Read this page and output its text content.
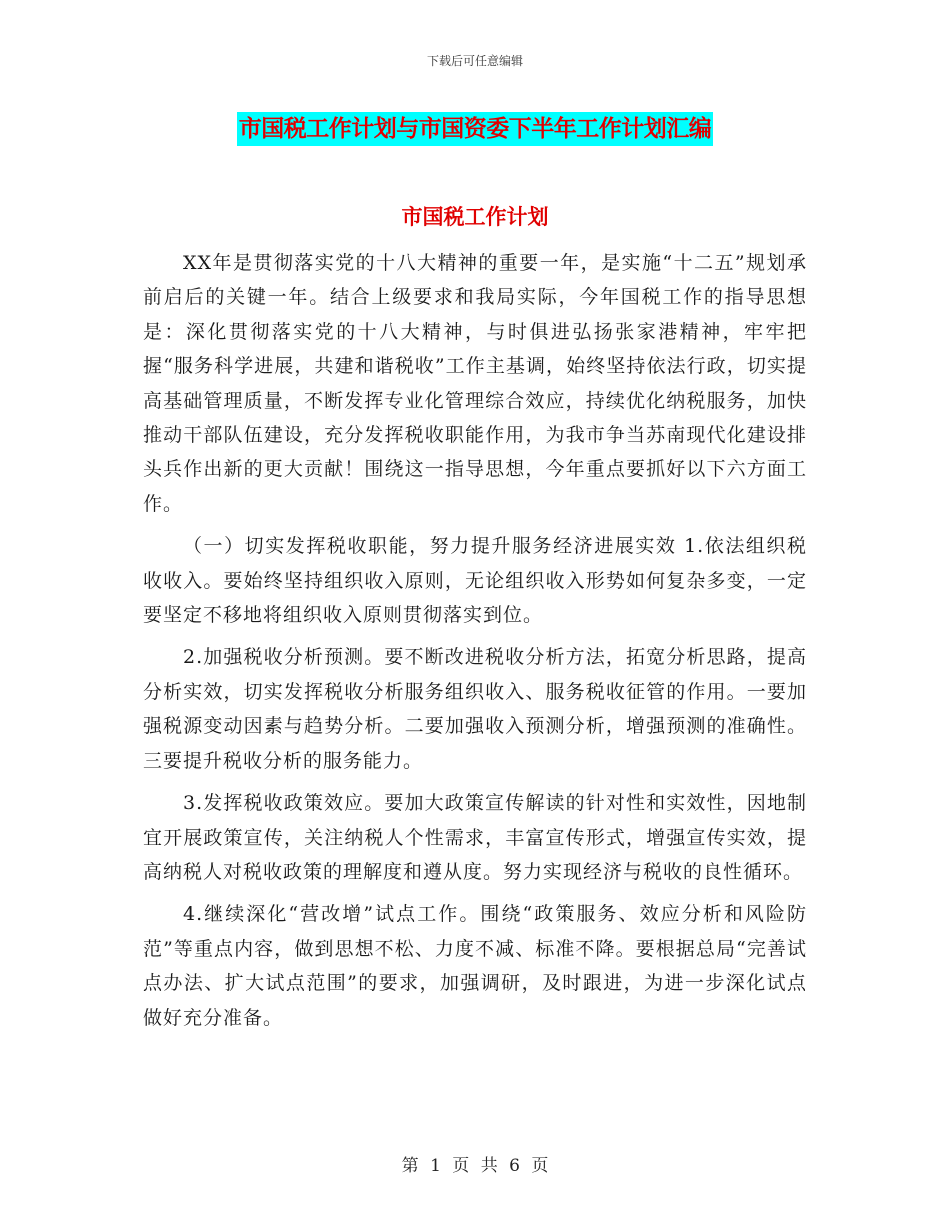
下载后可任意编辑
市国税工作计划与市国资委下半年工作计划汇编
市国税工作计划

XX年是贯彻落实党的十八大精神的重要一年，是实施“十二五”规划承前启后的关键一年。结合上级要求和我局实际，今年国税工作的指导思想是：深化贯彻落实党的十八大精神，与时俱进弘扬张家港精神，牢牢把握“服务科学进展，共建和谐税收”工作主基调，始终坚持依法行政，切实提高基础管理质量，不断发挥专业化管理综合效应，持续优化纳税服务，加快推动干部队伍建设，充分发挥税收职能作用，为我市争当苏南现代化建设排头兵作出新的更大贡献！围绕这一指导思想，今年重点要抓好以下六方面工作。

（一）切实发挥税收职能，努力提升服务经济进展实效 1.依法组织税收收入。要始终坚持组织收入原则，无论组织收入形势如何复杂多变，一定要坚定不移地将组织收入原则贯彻落实到位。

2.加强税收分析预测。要不断改进税收分析方法，拓宽分析思路，提高分析实效，切实发挥税收分析服务组织收入、服务税收征管的作用。一要加强税源变动因素与趋势分析。二要加强收入预测分析，增强预测的准确性。三要提升税收分析的服务能力。

3.发挥税收政策效应。要加大政策宣传解读的针对性和实效性，因地制宜开展政策宣传，关注纳税人个性需求，丰富宣传形式，增强宣传实效，提高纳税人对税收政策的理解度和遵从度。努力实现经济与税收的良性循环。

4.继续深化“营改增”试点工作。围绕“政策服务、效应分析和风险防范”等重点内容，做到思想不松、力度不减、标准不降。要根据总局“完善试点办法、扩大试点范围”的要求，加强调研，及时跟进，为进一步深化试点做好充分准备。

第 1 页 共 6 页
